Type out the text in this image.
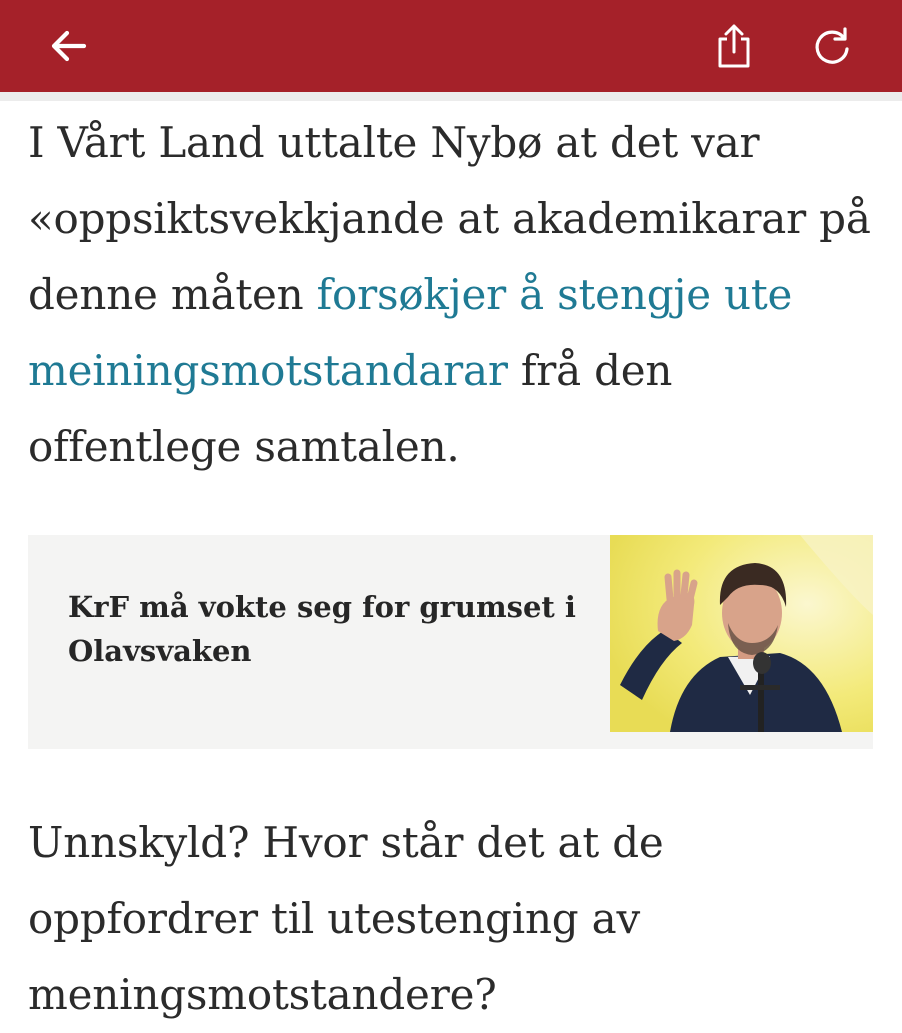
I Vårt Land uttalte Nybø at det var «oppsiktsvekkjande at akademikarar på denne måten forsøkjer å stengje ute meiningsmotstandarar frå den offentlege samtalen.

KrF må vokte seg for grumset i Olavsvaken

Unnskyld? Hvor står det at de oppfordrer til utestenging av meningsmotstandere?
